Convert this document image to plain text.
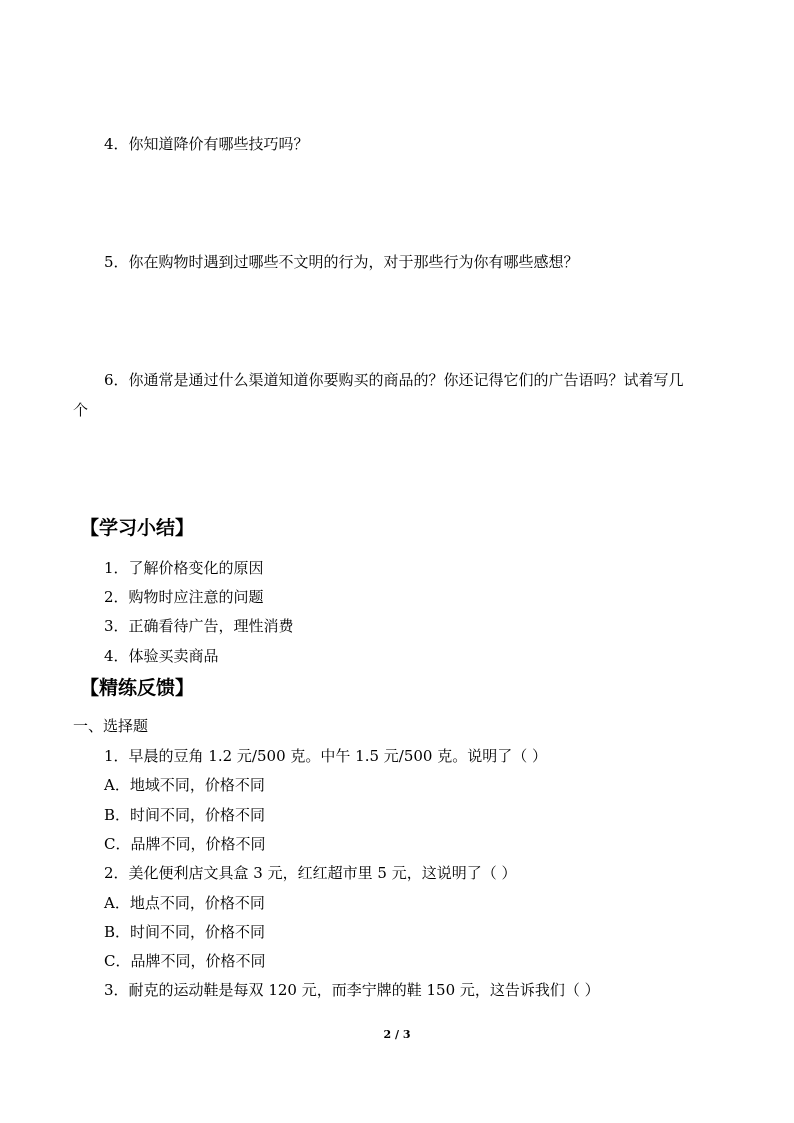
4．你知道降价有哪些技巧吗？
5．你在购物时遇到过哪些不文明的行为，对于那些行为你有哪些感想？
6．你通常是通过什么渠道知道你要购买的商品的？你还记得它们的广告语吗？试着写几
个
【学习小结】
1．了解价格变化的原因
2．购物时应注意的问题
3．正确看待广告，理性消费
4．体验买卖商品
【精练反馈】
一、选择题
1．早晨的豆角 1.2 元/500 克。中午 1.5 元/500 克。说明了（ ）
A．地域不同，价格不同
B．时间不同，价格不同
C．品牌不同，价格不同
2．美化便利店文具盒 3 元，红红超市里 5 元，这说明了（ ）
A．地点不同，价格不同
B．时间不同，价格不同
C．品牌不同，价格不同
3．耐克的运动鞋是每双 120 元，而李宁牌的鞋 150 元，这告诉我们（ ）
2 / 3
